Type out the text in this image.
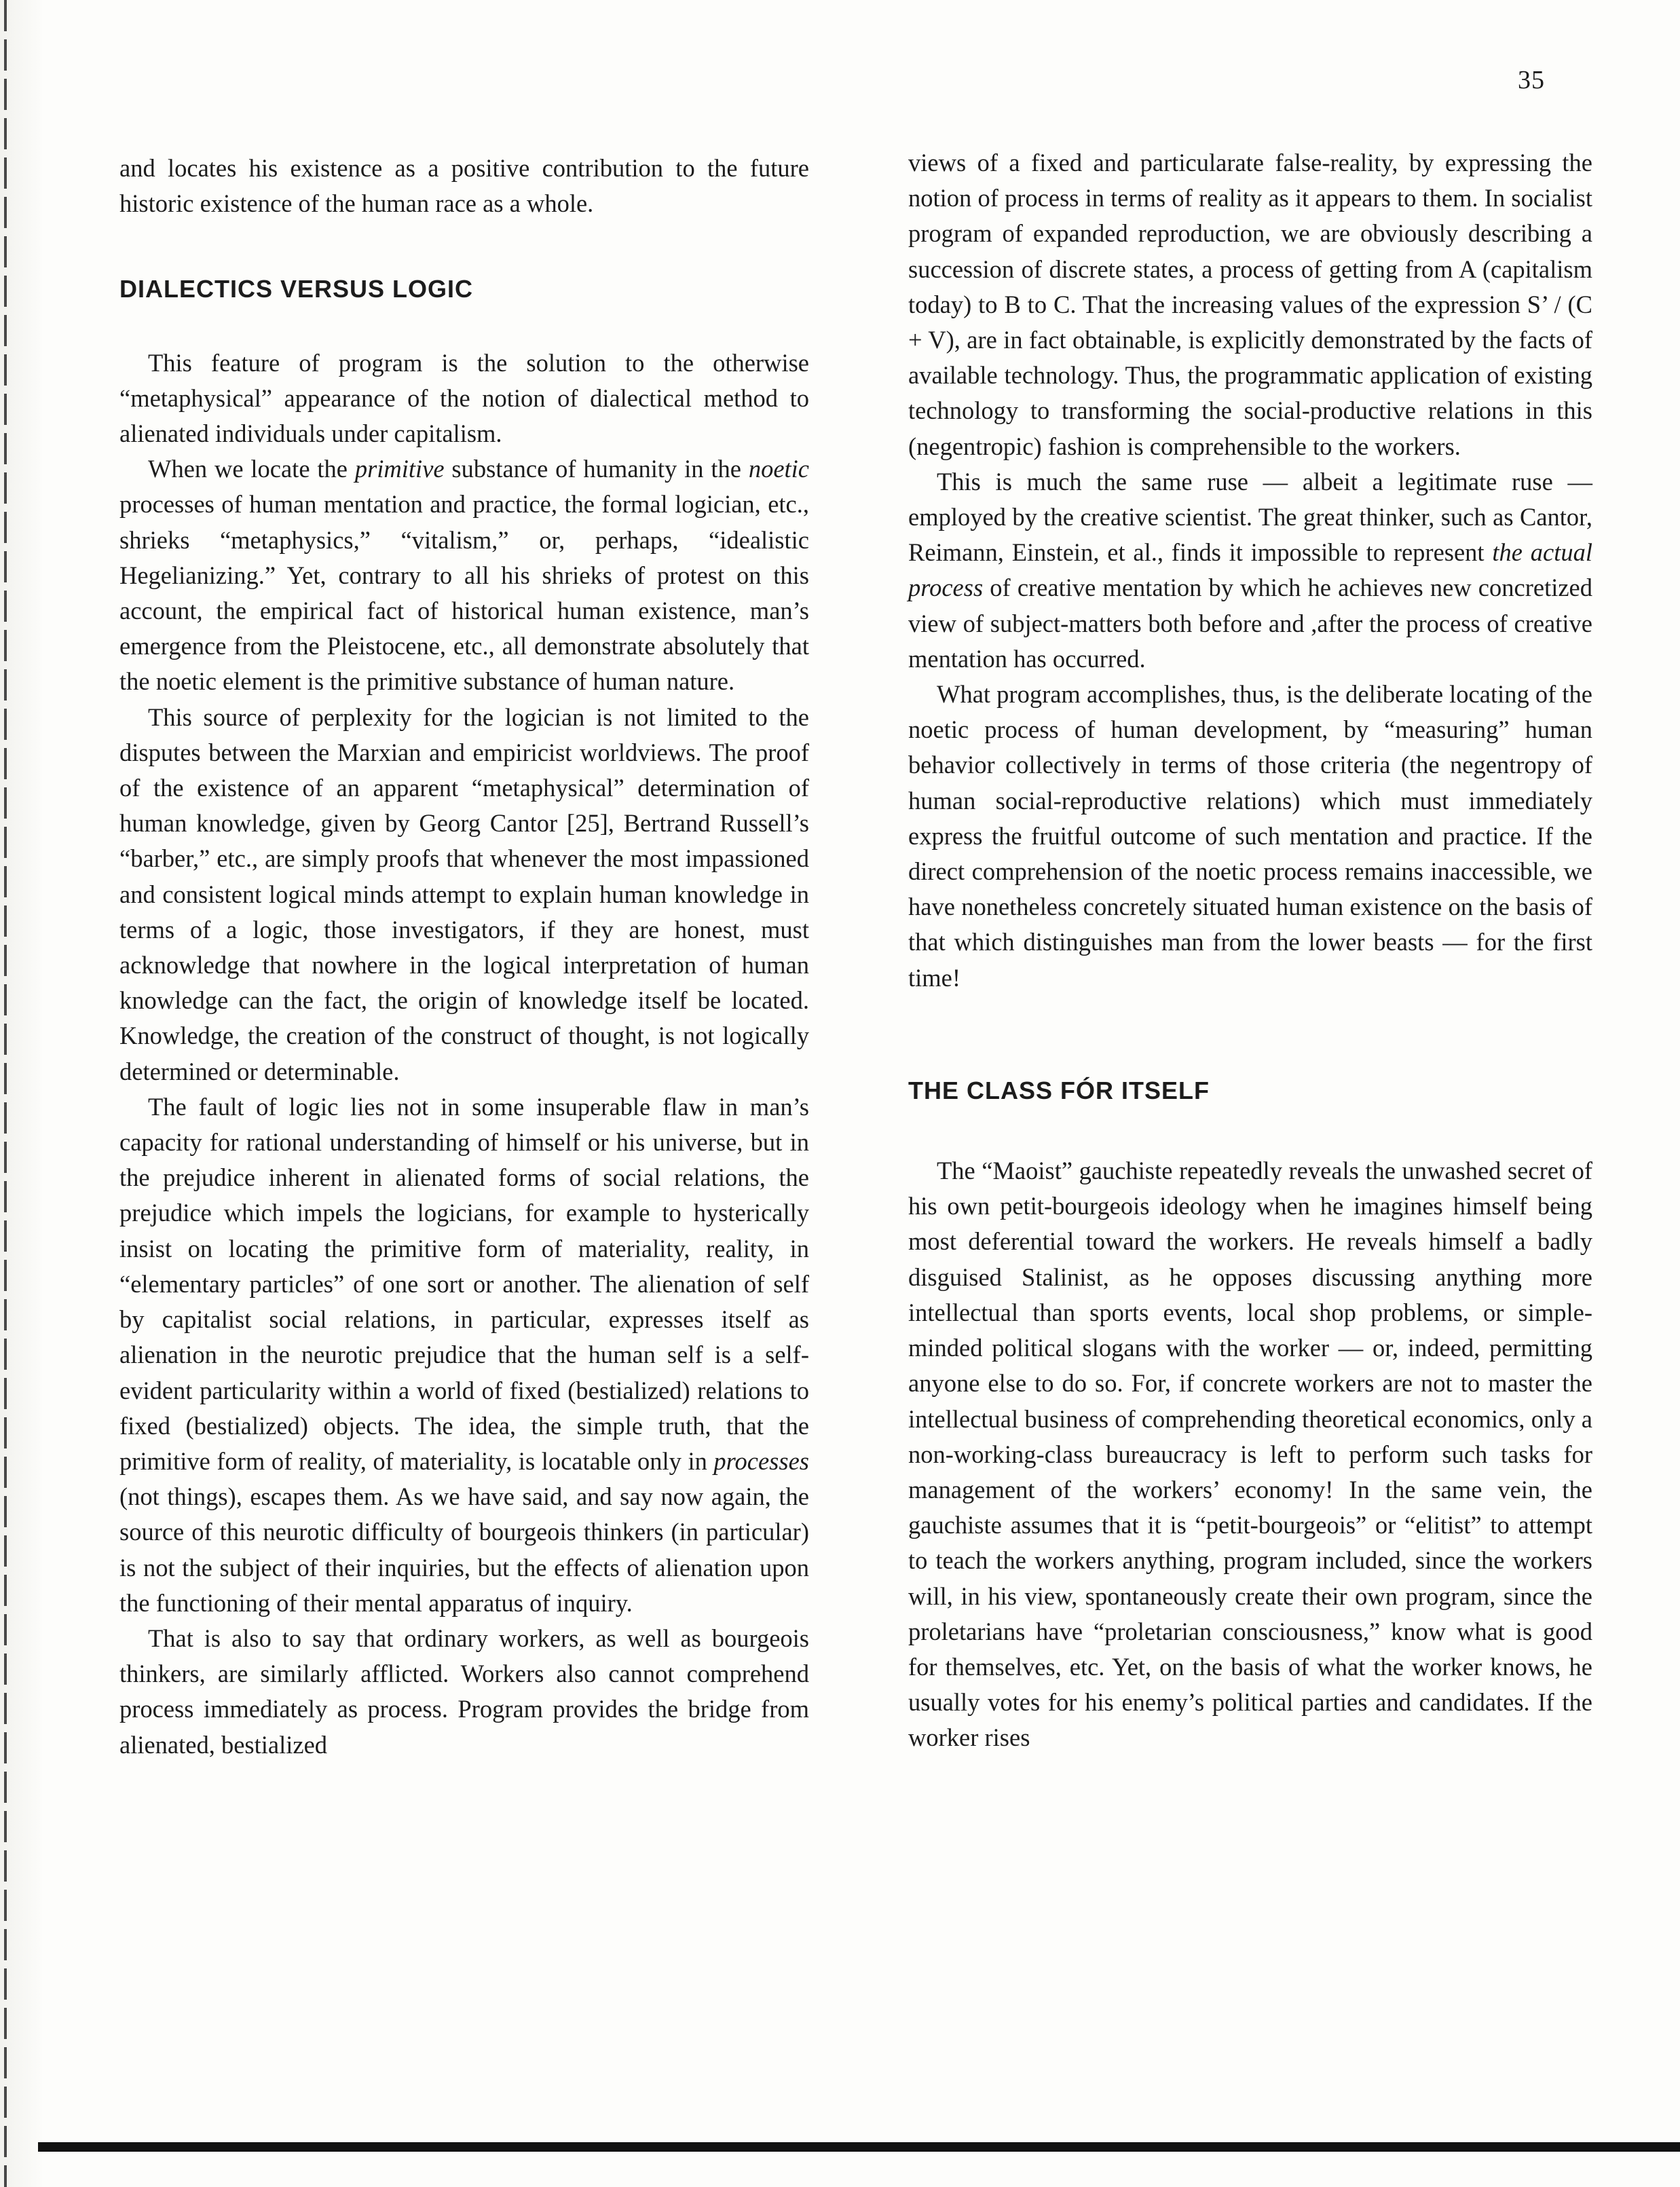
35

and locates his existence as a positive contribution to the future historic existence of the human race as a whole.

DIALECTICS VERSUS LOGIC

This feature of program is the solution to the otherwise “metaphysical” appearance of the notion of dialectical method to alienated individuals under capitalism.

When we locate the primitive substance of humanity in the noetic processes of human mentation and practice, the formal logician, etc., shrieks “metaphysics,” “vitalism,” or, perhaps, “idealistic Hegelianizing.” Yet, contrary to all his shrieks of protest on this account, the empirical fact of historical human existence, man’s emergence from the Pleistocene, etc., all demonstrate absolutely that the noetic element is the primitive substance of human nature.

This source of perplexity for the logician is not limited to the disputes between the Marxian and empiricist worldviews. The proof of the existence of an apparent “metaphysical” determination of human knowledge, given by Georg Cantor [25], Bertrand Russell’s “barber,” etc., are simply proofs that whenever the most impassioned and consistent logical minds attempt to explain human knowledge in terms of a logic, those investigators, if they are honest, must acknowledge that nowhere in the logical interpretation of human knowledge can the fact, the origin of knowledge itself be located. Knowledge, the creation of the construct of thought, is not logically determined or determinable.

The fault of logic lies not in some insuperable flaw in man’s capacity for rational understanding of himself or his universe, but in the prejudice inherent in alienated forms of social relations, the prejudice which impels the logicians, for example to hysterically insist on locating the primitive form of materiality, reality, in “elementary particles” of one sort or another. The alienation of self by capitalist social relations, in particular, expresses itself as alienation in the neurotic prejudice that the human self is a self-evident particularity within a world of fixed (bestialized) relations to fixed (bestialized) objects. The idea, the simple truth, that the primitive form of reality, of materiality, is locatable only in processes (not things), escapes them. As we have said, and say now again, the source of this neurotic difficulty of bourgeois thinkers (in particular) is not the subject of their inquiries, but the effects of alienation upon the functioning of their mental apparatus of inquiry.

That is also to say that ordinary workers, as well as bourgeois thinkers, are similarly afflicted. Workers also cannot comprehend process immediately as process. Program provides the bridge from alienated, bestialized

views of a fixed and particularate false-reality, by expressing the notion of process in terms of reality as it appears to them. In socialist program of expanded reproduction, we are obviously describing a succession of discrete states, a process of getting from A (capitalism today) to B to C. That the increasing values of the expression S’ / (C + V), are in fact obtainable, is explicitly demonstrated by the facts of available technology. Thus, the programmatic application of existing technology to transforming the social-productive relations in this (negentropic) fashion is comprehensible to the workers.

This is much the same ruse — albeit a legitimate ruse — employed by the creative scientist. The great thinker, such as Cantor, Reimann, Einstein, et al., finds it impossible to represent the actual process of creative mentation by which he achieves new concretized view of subject-matters both before and ,after the process of creative mentation has occurred.

What program accomplishes, thus, is the deliberate locating of the noetic process of human development, by “measuring” human behavior collectively in terms of those criteria (the negentropy of human social-reproductive relations) which must immediately express the fruitful outcome of such mentation and practice. If the direct comprehension of the noetic process remains inaccessible, we have nonetheless concretely situated human existence on the basis of that which distinguishes man from the lower beasts — for the first time!

THE CLASS FÓR ITSELF

The “Maoist” gauchiste repeatedly reveals the unwashed secret of his own petit-bourgeois ideology when he imagines himself being most deferential toward the workers. He reveals himself a badly disguised Stalinist, as he opposes discussing anything more intellectual than sports events, local shop problems, or simple-minded political slogans with the worker — or, indeed, permitting anyone else to do so. For, if concrete workers are not to master the intellectual business of comprehending theoretical economics, only a non-working-class bureaucracy is left to perform such tasks for management of the workers’ economy! In the same vein, the gauchiste assumes that it is “petit-bourgeois” or “elitist” to attempt to teach the workers anything, program included, since the workers will, in his view, spontaneously create their own program, since the proletarians have “proletarian consciousness,” know what is good for themselves, etc. Yet, on the basis of what the worker knows, he usually votes for his enemy’s political parties and candidates. If the worker rises
